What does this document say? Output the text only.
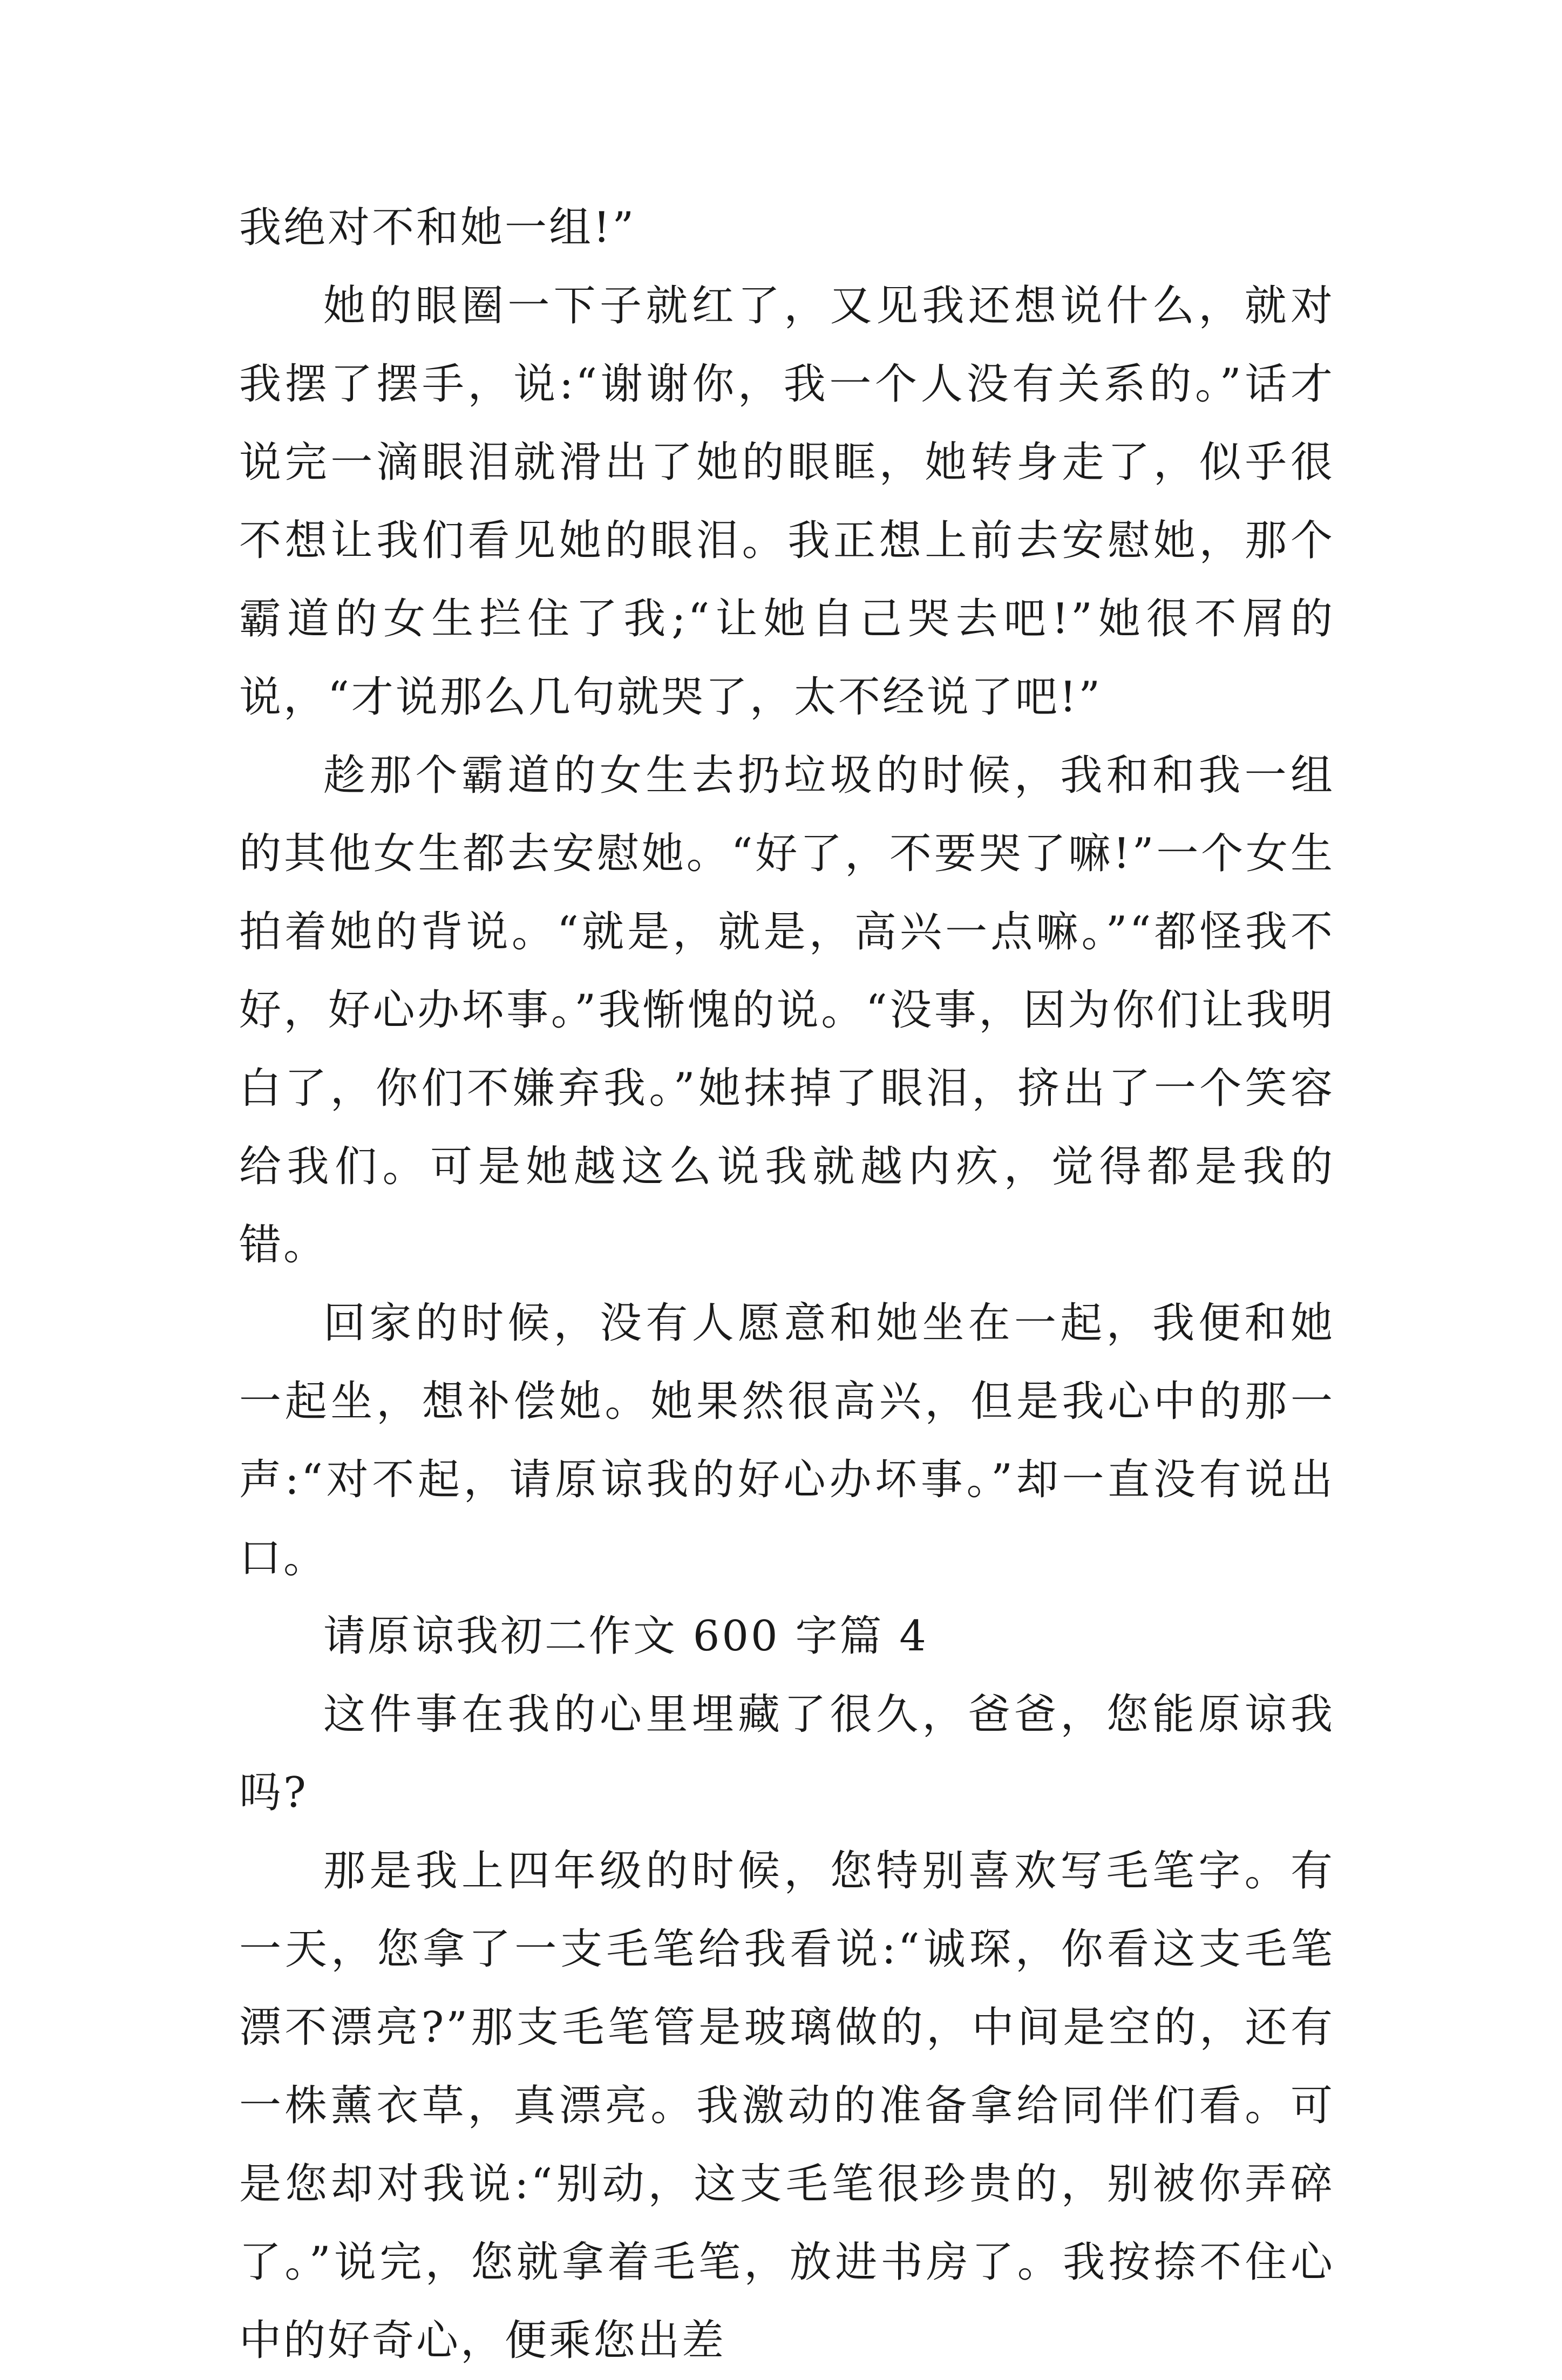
我绝对不和她一组!”

她的眼圈一下子就红了，又见我还想说什么，就对我摆了摆手，说:“谢谢你，我一个人没有关系的。”话才说完一滴眼泪就滑出了她的眼眶，她转身走了，似乎很不想让我们看见她的眼泪。我正想上前去安慰她，那个霸道的女生拦住了我;“让她自己哭去吧!”她很不屑的说，“才说那么几句就哭了，太不经说了吧!”

趁那个霸道的女生去扔垃圾的时候，我和和我一组的其他女生都去安慰她。“好了，不要哭了嘛!”一个女生拍着她的背说。“就是，就是，高兴一点嘛。”“都怪我不好，好心办坏事。”我惭愧的说。“没事，因为你们让我明白了，你们不嫌弃我。”她抹掉了眼泪，挤出了一个笑容给我们。可是她越这么说我就越内疚，觉得都是我的错。

回家的时候，没有人愿意和她坐在一起，我便和她一起坐，想补偿她。她果然很高兴，但是我心中的那一声:“对不起，请原谅我的好心办坏事。”却一直没有说出口。

请原谅我初二作文 600 字篇 4

这件事在我的心里埋藏了很久，爸爸，您能原谅我吗?

那是我上四年级的时候，您特别喜欢写毛笔字。有一天，您拿了一支毛笔给我看说:“诚琛，你看这支毛笔漂不漂亮?”那支毛笔管是玻璃做的，中间是空的，还有一株薰衣草，真漂亮。我激动的准备拿给同伴们看。可是您却对我说:“别动，这支毛笔很珍贵的，别被你弄碎了。”说完，您就拿着毛笔，放进书房了。我按捺不住心中的好奇心，便乘您出差
